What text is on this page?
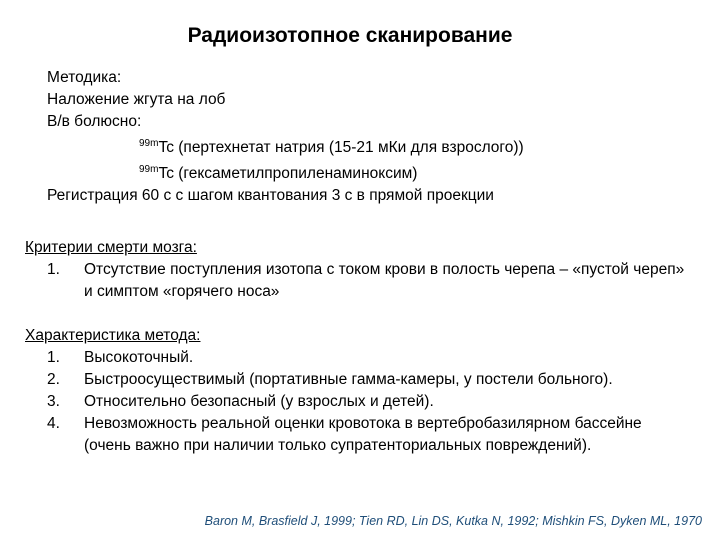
Радиоизотопное сканирование
Методика:
Наложение жгута на лоб
В/в болюсно:
$^{99m}$Tc (пертехнетат натрия (15-21 мКи для взрослого))
$^{99m}$Tc (гексаметилпропиленаминоксим)
Регистрация 60 с с шагом квантования 3 с в прямой проекции
Критерии смерти мозга:
1.	Отсутствие поступления изотопа с током крови в полость черепа – «пустой череп» и симптом «горячего носа»
Характеристика метода:
1.	Высокоточный.
2.	Быстроосуществимый (портативные гамма-камеры, у постели больного).
3.	Относительно безопасный (у взрослых и детей).
4.	Невозможность реальной оценки кровотока в вертебробазилярном бассейне (очень важно при наличии только супратенториальных повреждений).
Baron M, Brasfield J, 1999; Tien RD, Lin DS, Kutka N, 1992; Mishkin FS, Dyken ML, 1970
